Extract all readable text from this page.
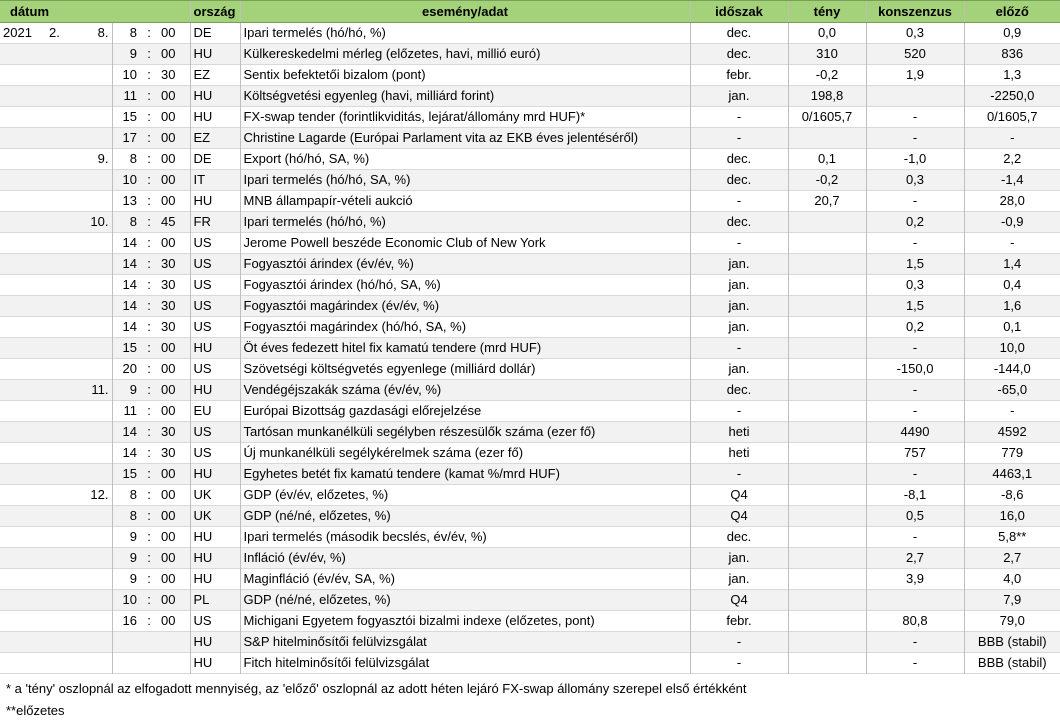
dátum						ország	esemény/adat	időszak	tény	konszenzus	előző
2021	2.	8.	8	:	00	DE	Ipari termelés (hó/hó, %)	dec.	0,0	0,3	0,9
			9	:	00	HU	Külkereskedelmi mérleg (előzetes, havi, millió euró)	dec.	310	520	836
			10	:	30	EZ	Sentix befektetői bizalom (pont)	febr.	-0,2	1,9	1,3
			11	:	00	HU	Költségvetési egyenleg (havi, milliárd forint)	jan.	198,8		-2250,0
			15	:	00	HU	FX-swap tender (forintlikviditás, lejárat/állomány mrd HUF)*	-	0/1605,7	-	0/1605,7
			17	:	00	EZ	Christine Lagarde (Európai Parlament vita az EKB éves jelentéséről)	-		-	-
		9.	8	:	00	DE	Export (hó/hó, SA, %)	dec.	0,1	-1,0	2,2
			10	:	00	IT	Ipari termelés (hó/hó, SA, %)	dec.	-0,2	0,3	-1,4
			13	:	00	HU	MNB állampapír-vételi aukció	-	20,7	-	28,0
		10.	8	:	45	FR	Ipari termelés (hó/hó, %)	dec.		0,2	-0,9
			14	:	00	US	Jerome Powell beszéde Economic Club of New York	-		-	-
			14	:	30	US	Fogyasztói árindex (év/év, %)	jan.		1,5	1,4
			14	:	30	US	Fogyasztói árindex (hó/hó, SA, %)	jan.		0,3	0,4
			14	:	30	US	Fogyasztói magárindex (év/év, %)	jan.		1,5	1,6
			14	:	30	US	Fogyasztói magárindex (hó/hó, SA, %)	jan.		0,2	0,1
			15	:	00	HU	Öt éves fedezett hitel fix kamatú tendere (mrd HUF)	-		-	10,0
			20	:	00	US	Szövetségi költségvetés egyenlege (milliárd dollár)	jan.		-150,0	-144,0
		11.	9	:	00	HU	Vendégéjszakák száma (év/év, %)	dec.		-	-65,0
			11	:	00	EU	Európai Bizottság gazdasági előrejelzése	-		-	-
			14	:	30	US	Tartósan munkanélküli segélyben részesülők száma (ezer fő)	heti		4490	4592
			14	:	30	US	Új munkanélküli segélykérelmek száma (ezer fő)	heti		757	779
			15	:	00	HU	Egyhetes betét fix kamatú tendere (kamat %/mrd HUF)	-		-	4463,1
		12.	8	:	00	UK	GDP (év/év, előzetes, %)	Q4		-8,1	-8,6
			8	:	00	UK	GDP (né/né, előzetes, %)	Q4		0,5	16,0
			9	:	00	HU	Ipari termelés (második becslés, év/év, %)	dec.		-	5,8**
			9	:	00	HU	Infláció (év/év, %)	jan.		2,7	2,7
			9	:	00	HU	Maginfláció (év/év, SA, %)	jan.		3,9	4,0
			10	:	00	PL	GDP (né/né, előzetes, %)	Q4			7,9
			16	:	00	US	Michigani Egyetem fogyasztói bizalmi indexe (előzetes, pont)	febr.		80,8	79,0
						HU	S&P hitelminősítői felülvizsgálat	-		-	BBB (stabil)
						HU	Fitch hitelminősítői felülvizsgálat	-		-	BBB (stabil)
* a 'tény' oszlopnál az elfogadott mennyiség, az 'előző' oszlopnál az adott héten lejáró FX-swap állomány szerepel első értékként
**előzetes
